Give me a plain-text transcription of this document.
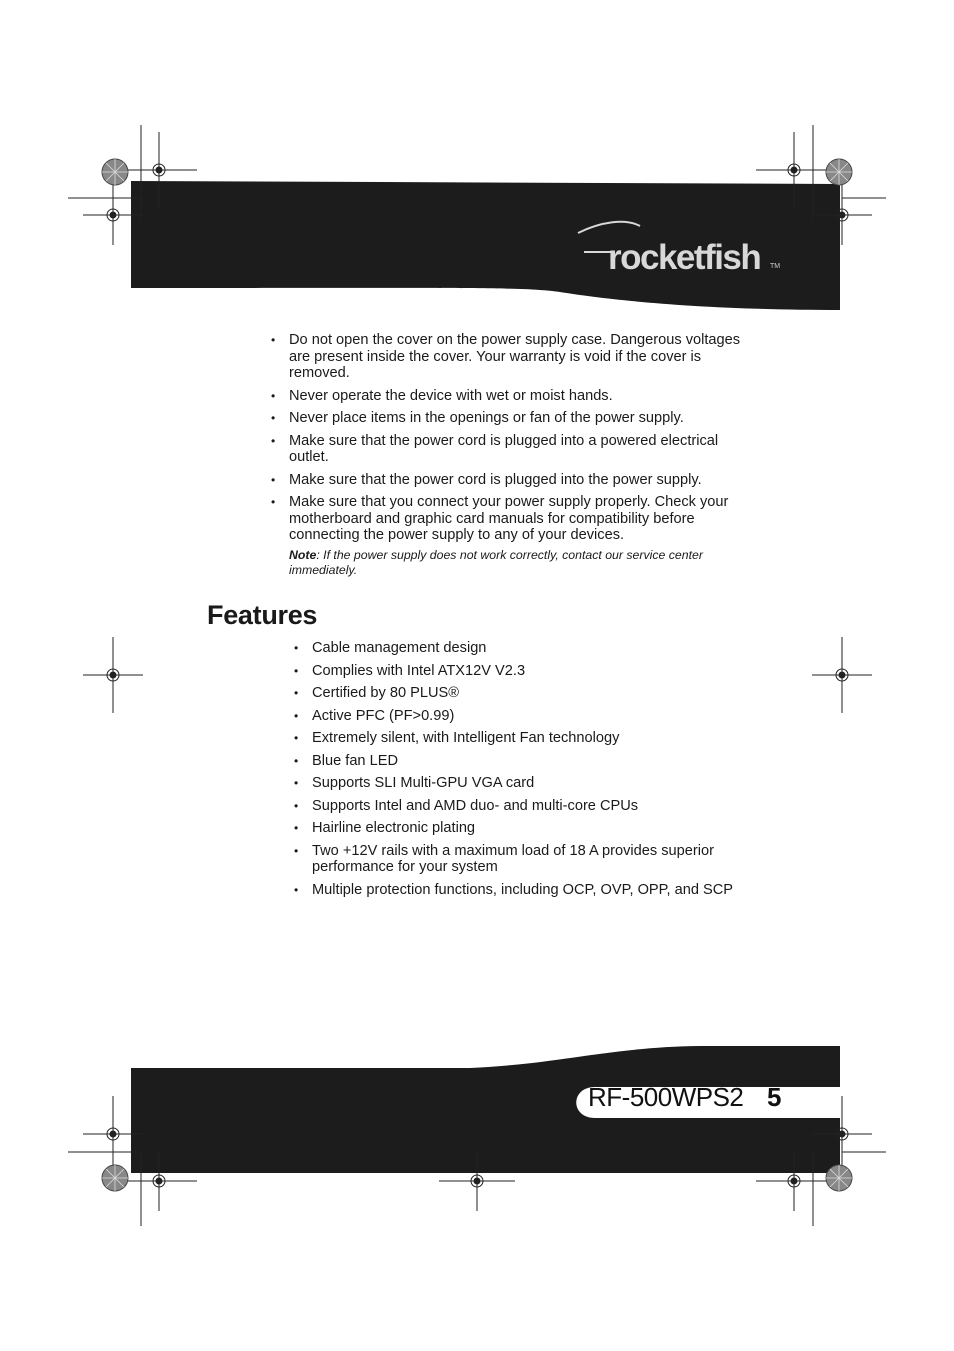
rocketfish TM
• Do not open the cover on the power supply case. Dangerous voltages are present inside the cover. Your warranty is void if the cover is removed.
• Never operate the device with wet or moist hands.
• Never place items in the openings or fan of the power supply.
• Make sure that the power cord is plugged into a powered electrical outlet.
• Make sure that the power cord is plugged into the power supply.
• Make sure that you connect your power supply properly. Check your motherboard and graphic card manuals for compatibility before connecting the power supply to any of your devices.
Note: If the power supply does not work correctly, contact our service center immediately.
Features
• Cable management design
• Complies with Intel ATX12V V2.3
• Certified by 80 PLUS®
• Active PFC (PF>0.99)
• Extremely silent, with Intelligent Fan technology
• Blue fan LED
• Supports SLI Multi-GPU VGA card
• Supports Intel and AMD duo- and multi-core CPUs
• Hairline electronic plating
• Two +12V rails with a maximum load of 18 A provides superior performance for your system
• Multiple protection functions, including OCP, OVP, OPP, and SCP
RF-500WPS2 5
